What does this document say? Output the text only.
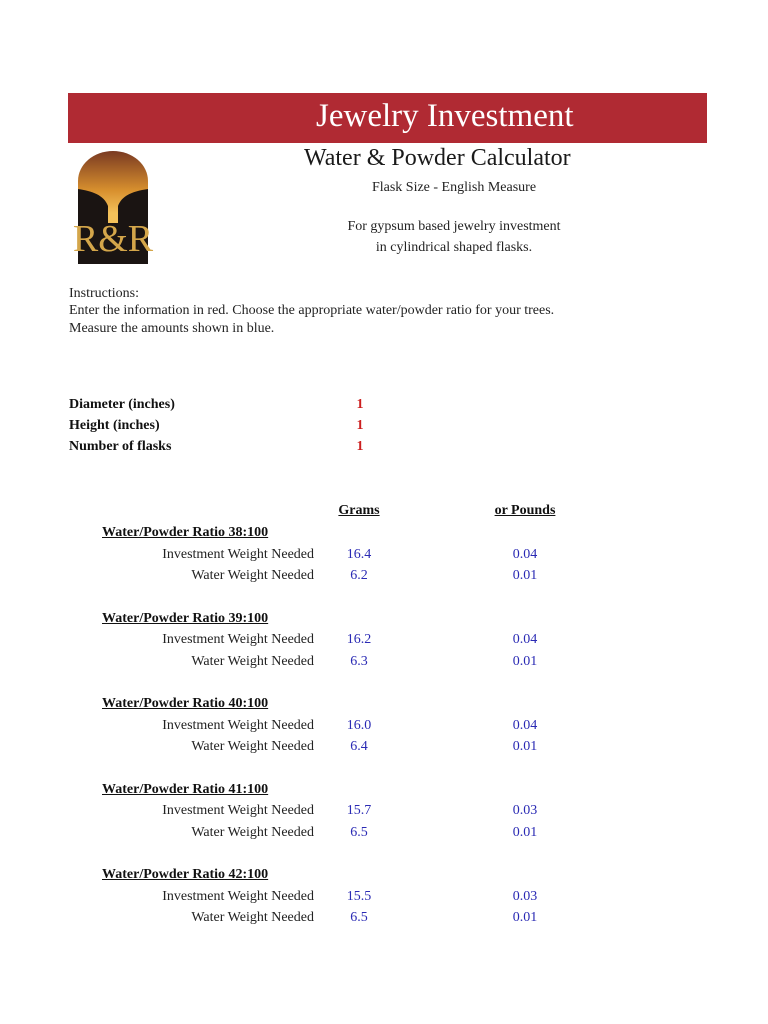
Jewelry Investment
Water & Powder Calculator
Flask Size - English Measure
For gypsum based jewelry investment
in cylindrical shaped flasks.
R&R
Instructions:
Enter the information in red. Choose the appropriate water/powder ratio for your trees.
Measure the amounts shown in blue.
Diameter (inches)	1
Height (inches)	1
Number of flasks	1
Grams	or Pounds
Water/Powder Ratio 38:100
Investment Weight Needed	16.4	0.04
Water Weight Needed	6.2	0.01
Water/Powder Ratio 39:100
Investment Weight Needed	16.2	0.04
Water Weight Needed	6.3	0.01
Water/Powder Ratio 40:100
Investment Weight Needed	16.0	0.04
Water Weight Needed	6.4	0.01
Water/Powder Ratio 41:100
Investment Weight Needed	15.7	0.03
Water Weight Needed	6.5	0.01
Water/Powder Ratio 42:100
Investment Weight Needed	15.5	0.03
Water Weight Needed	6.5	0.01
